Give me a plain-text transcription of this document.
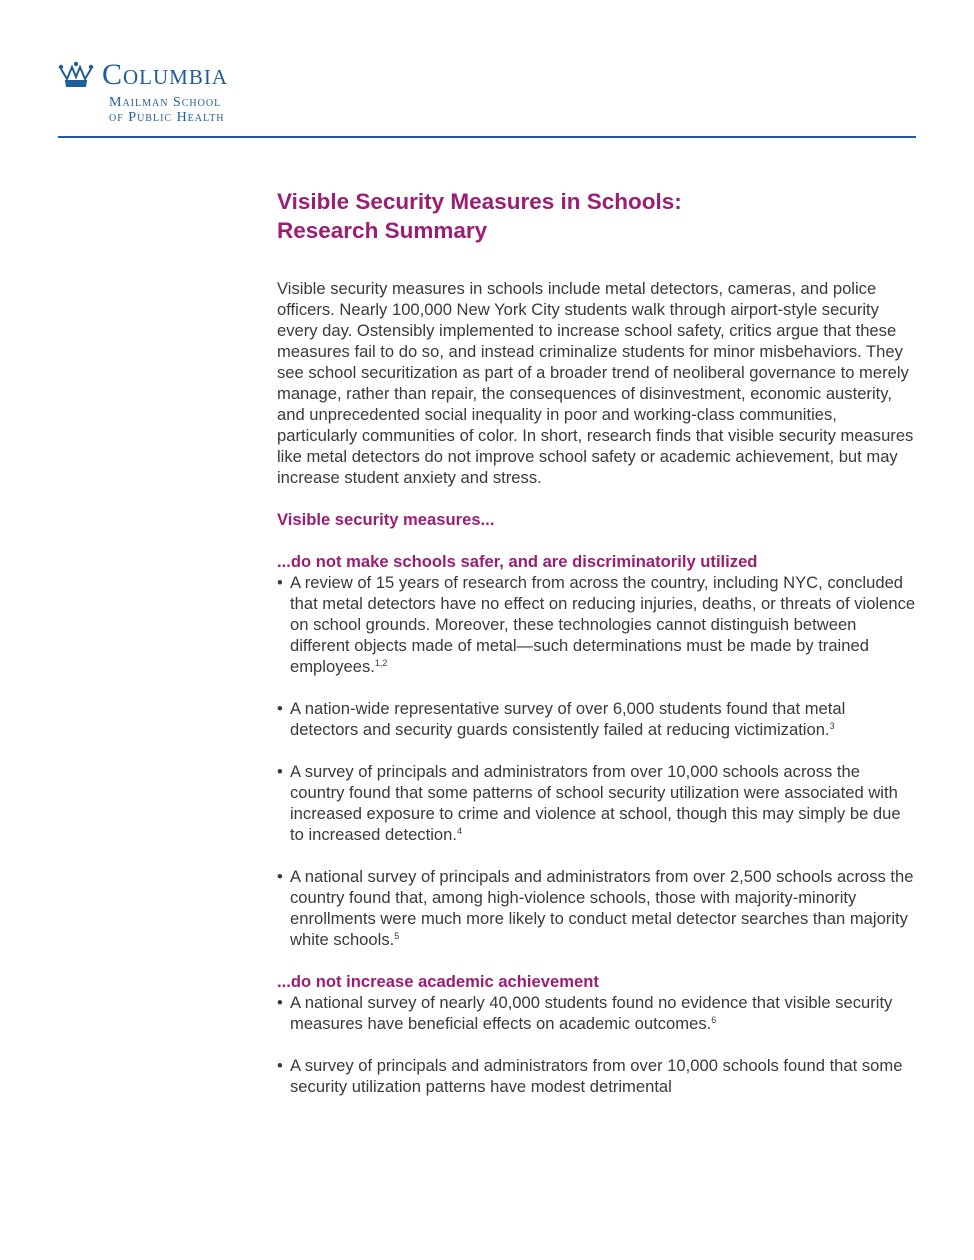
Columbia
Mailman School
of Public Health
Visible Security Measures in Schools:
Research Summary

Visible security measures in schools include metal detectors, cameras, and police officers. Nearly 100,000 New York City students walk through airport-style security every day. Ostensibly implemented to increase school safety, critics argue that these measures fail to do so, and instead criminalize students for minor misbehaviors. They see school securitization as part of a broader trend of neoliberal governance to merely manage, rather than repair, the consequences of disinvestment, economic austerity, and unprecedented social inequality in poor and working-class communities, particularly communities of color. In short, research finds that visible security measures like metal detectors do not improve school safety or academic achievement, but may increase student anxiety and stress.

Visible security measures...

...do not make schools safer, and are discriminatorily utilized

• A review of 15 years of research from across the country, including NYC, concluded that metal detectors have no effect on reducing injuries, deaths, or threats of violence on school grounds. Moreover, these technologies cannot distinguish between different objects made of metal—such determinations must be made by trained employees.$^{1,2}$
• A nation-wide representative survey of over 6,000 students found that metal detectors and security guards consistently failed at reducing victimization.$^3$
• A survey of principals and administrators from over 10,000 schools across the country found that some patterns of school security utilization were associated with increased exposure to crime and violence at school, though this may simply be due to increased detection.$^4$
• A national survey of principals and administrators from over 2,500 schools across the country found that, among high-violence schools, those with majority-minority enrollments were much more likely to conduct metal detector searches than majority white schools.$^5$

...do not increase academic achievement

• A national survey of nearly 40,000 students found no evidence that visible security measures have beneficial effects on academic outcomes.$^6$
• A survey of principals and administrators from over 10,000 schools found that some security utilization patterns have modest detrimental
